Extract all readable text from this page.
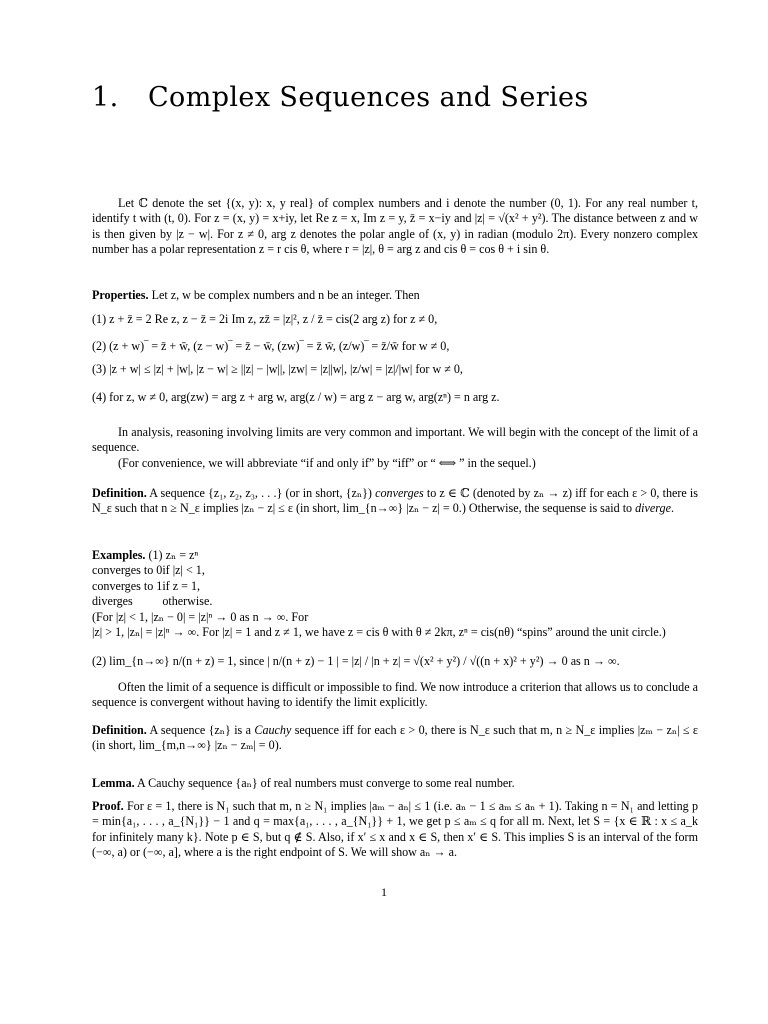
1. Complex Sequences and Series

Let ℂ denote the set {(x, y): x, y real} of complex numbers and i denote the number (0, 1). For any real number t, identify t with (t, 0). For z = (x, y) = x+iy, let Re z = x, Im z = y, z̄ = x−iy and |z| = √(x² + y²). The distance between z and w is then given by |z − w|. For z ≠ 0, arg z denotes the polar angle of (x, y) in radian (modulo 2π). Every nonzero complex number has a polar representation z = r cis θ, where r = |z|, θ = arg z and cis θ = cos θ + i sin θ.

Properties. Let z, w be complex numbers and n be an integer. Then

(1) z + z̄ = 2 Re z, z − z̄ = 2i Im z, zz̄ = |z|², z / z̄ = cis(2 arg z) for z ≠ 0,

(2) (z + w)‾ = z̄ + w̄, (z − w)‾ = z̄ − w̄, (zw)‾ = z̄ w̄, (z/w)‾ = z̄/w̄ for w ≠ 0,

(3) |z + w| ≤ |z| + |w|, |z − w| ≥ ||z| − |w||, |zw| = |z||w|, |z/w| = |z|/|w| for w ≠ 0,

(4) for z, w ≠ 0, arg(zw) = arg z + arg w, arg(z / w) = arg z − arg w, arg(zⁿ) = n arg z.

In analysis, reasoning involving limits are very common and important. We will begin with the concept of the limit of a sequence.

(For convenience, we will abbreviate “if and only if” by “iff” or “ ⟺ ” in the sequel.)

Definition. A sequence {z₁, z₂, z₃, . . .} (or in short, {zₙ}) converges to z ∈ ℂ (denoted by zₙ → z) iff for each ε > 0, there is N_ε such that n ≥ N_ε implies |zₙ − z| ≤ ε (in short, lim_{n→∞} |zₙ − z| = 0.) Otherwise, the sequense is said to diverge.

Examples. (1) zₙ = zⁿ

converges to 0	if |z| < 1,
converges to 1	if z = 1,
diverges	otherwise.
(For |z| < 1, |zₙ − 0| = |z|ⁿ → 0 as n → ∞. For

|z| > 1, |zₙ| = |z|ⁿ → ∞. For |z| = 1 and z ≠ 1, we have z = cis θ with θ ≠ 2kπ, zⁿ = cis(nθ) “spins” around the unit circle.)

(2) lim_{n→∞} n/(n + z) = 1, since | n/(n + z) − 1 | = |z| / |n + z| = √(x² + y²) / √((n + x)² + y²) → 0 as n → ∞.

Often the limit of a sequence is difficult or impossible to find. We now introduce a criterion that allows us to conclude a sequence is convergent without having to identify the limit explicitly.

Definition. A sequence {zₙ} is a Cauchy sequence iff for each ε > 0, there is N_ε such that m, n ≥ N_ε implies |zₘ − zₙ| ≤ ε (in short, lim_{m,n→∞} |zₙ − zₘ| = 0).

Lemma. A Cauchy sequence {aₙ} of real numbers must converge to some real number.

Proof. For ε = 1, there is N₁ such that m, n ≥ N₁ implies |aₘ − aₙ| ≤ 1 (i.e. aₙ − 1 ≤ aₘ ≤ aₙ + 1). Taking n = N₁ and letting p = min{a₁, . . . , a_{N₁}} − 1 and q = max{a₁, . . . , a_{N₁}} + 1, we get p ≤ aₘ ≤ q for all m. Next, let S = {x ∈ ℝ : x ≤ a_k for infinitely many k}. Note p ∈ S, but q ∉ S. Also, if x′ ≤ x and x ∈ S, then x′ ∈ S. This implies S is an interval of the form (−∞, a) or (−∞, a], where a is the right endpoint of S. We will show aₙ → a.

1
